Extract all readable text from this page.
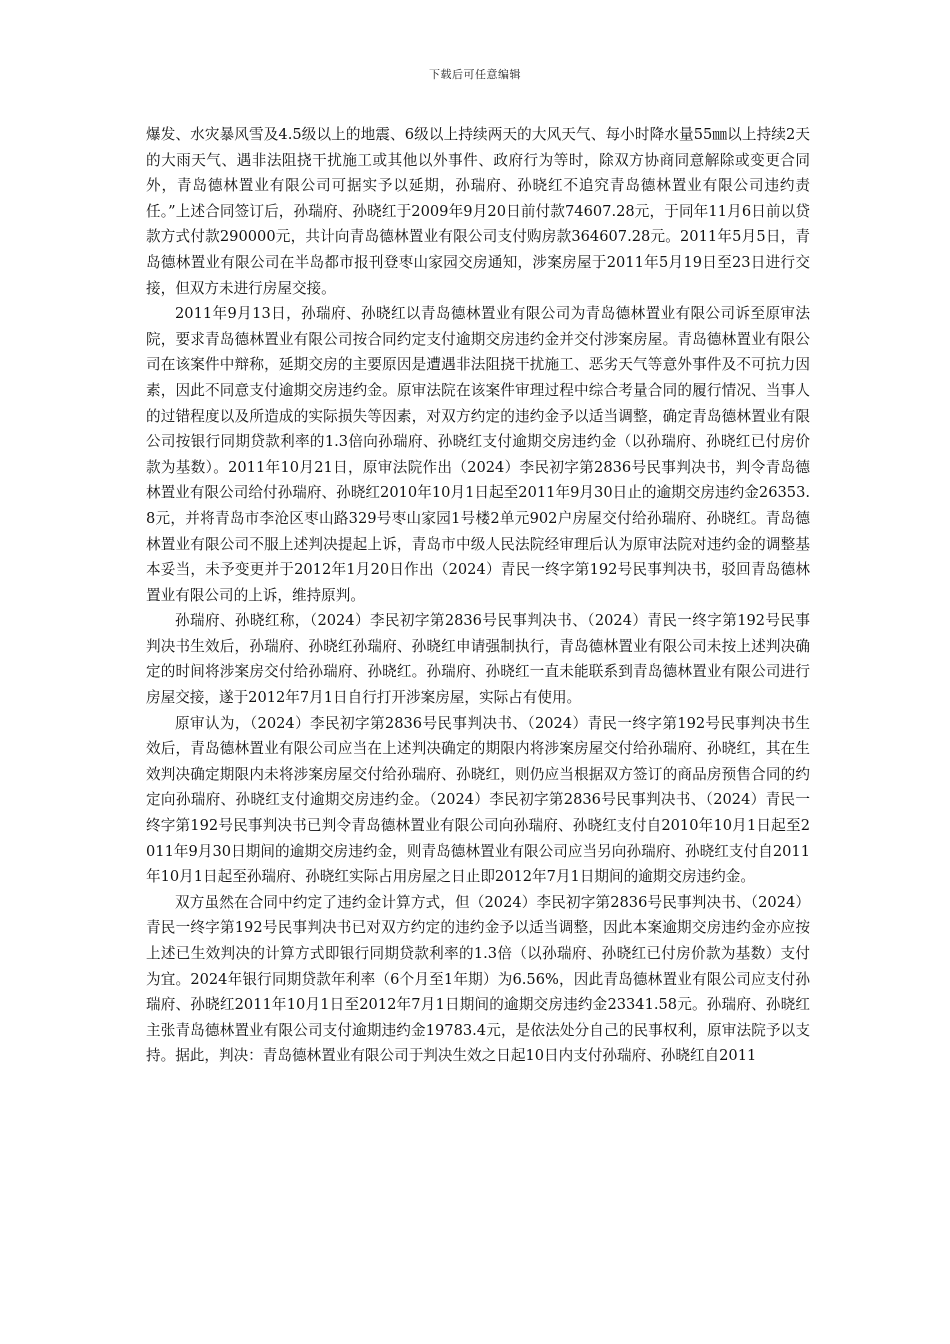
下载后可任意编辑

爆发、水灾暴风雪及4.5级以上的地震、6级以上持续两天的大风天气、每小时降水量55㎜以上持续2天的大雨天气、遇非法阻挠干扰施工或其他以外事件、政府行为等时，除双方协商同意解除或变更合同外，青岛德林置业有限公司可据实予以延期，孙瑞府、孙晓红不追究青岛德林置业有限公司违约责任。”上述合同签订后，孙瑞府、孙晓红于2009年9月20日前付款74607.28元，于同年11月6日前以贷款方式付款290000元，共计向青岛德林置业有限公司支付购房款364607.28元。2011年5月5日，青岛德林置业有限公司在半岛都市报刊登枣山家园交房通知，涉案房屋于2011年5月19日至23日进行交接，但双方未进行房屋交接。

2011年9月13日，孙瑞府、孙晓红以青岛德林置业有限公司为青岛德林置业有限公司诉至原审法院，要求青岛德林置业有限公司按合同约定支付逾期交房违约金并交付涉案房屋。青岛德林置业有限公司在该案件中辩称，延期交房的主要原因是遭遇非法阻挠干扰施工、恶劣天气等意外事件及不可抗力因素，因此不同意支付逾期交房违约金。原审法院在该案件审理过程中综合考量合同的履行情况、当事人的过错程度以及所造成的实际损失等因素，对双方约定的违约金予以适当调整，确定青岛德林置业有限公司按银行同期贷款利率的1.3倍向孙瑞府、孙晓红支付逾期交房违约金（以孙瑞府、孙晓红已付房价款为基数）。2011年10月21日，原审法院作出（2024）李民初字第2836号民事判决书，判令青岛德林置业有限公司给付孙瑞府、孙晓红2010年10月1日起至2011年9月30日止的逾期交房违约金26353.8元，并将青岛市李沧区枣山路329号枣山家园1号楼2单元902户房屋交付给孙瑞府、孙晓红。青岛德林置业有限公司不服上述判决提起上诉，青岛市中级人民法院经审理后认为原审法院对违约金的调整基本妥当，未予变更并于2012年1月20日作出（2024）青民一终字第192号民事判决书，驳回青岛德林置业有限公司的上诉，维持原判。

孙瑞府、孙晓红称，（2024）李民初字第2836号民事判决书、（2024）青民一终字第192号民事判决书生效后，孙瑞府、孙晓红孙瑞府、孙晓红申请强制执行，青岛德林置业有限公司未按上述判决确定的时间将涉案房交付给孙瑞府、孙晓红。孙瑞府、孙晓红一直未能联系到青岛德林置业有限公司进行房屋交接，遂于2012年7月1日自行打开涉案房屋，实际占有使用。

原审认为，（2024）李民初字第2836号民事判决书、（2024）青民一终字第192号民事判决书生效后，青岛德林置业有限公司应当在上述判决确定的期限内将涉案房屋交付给孙瑞府、孙晓红，其在生效判决确定期限内未将涉案房屋交付给孙瑞府、孙晓红，则仍应当根据双方签订的商品房预售合同的约定向孙瑞府、孙晓红支付逾期交房违约金。（2024）李民初字第2836号民事判决书、（2024）青民一终字第192号民事判决书已判令青岛德林置业有限公司向孙瑞府、孙晓红支付自2010年10月1日起至2011年9月30日期间的逾期交房违约金，则青岛德林置业有限公司应当另向孙瑞府、孙晓红支付自2011年10月1日起至孙瑞府、孙晓红实际占用房屋之日止即2012年7月1日期间的逾期交房违约金。

双方虽然在合同中约定了违约金计算方式，但（2024）李民初字第2836号民事判决书、（2024）青民一终字第192号民事判决书已对双方约定的违约金予以适当调整，因此本案逾期交房违约金亦应按上述已生效判决的计算方式即银行同期贷款利率的1.3倍（以孙瑞府、孙晓红已付房价款为基数）支付为宜。2024年银行同期贷款年利率（6个月至1年期）为6.56%，因此青岛德林置业有限公司应支付孙瑞府、孙晓红2011年10月1日至2012年7月1日期间的逾期交房违约金23341.58元。孙瑞府、孙晓红主张青岛德林置业有限公司支付逾期违约金19783.4元，是依法处分自己的民事权利，原审法院予以支持。据此，判决：青岛德林置业有限公司于判决生效之日起10日内支付孙瑞府、孙晓红自2011
